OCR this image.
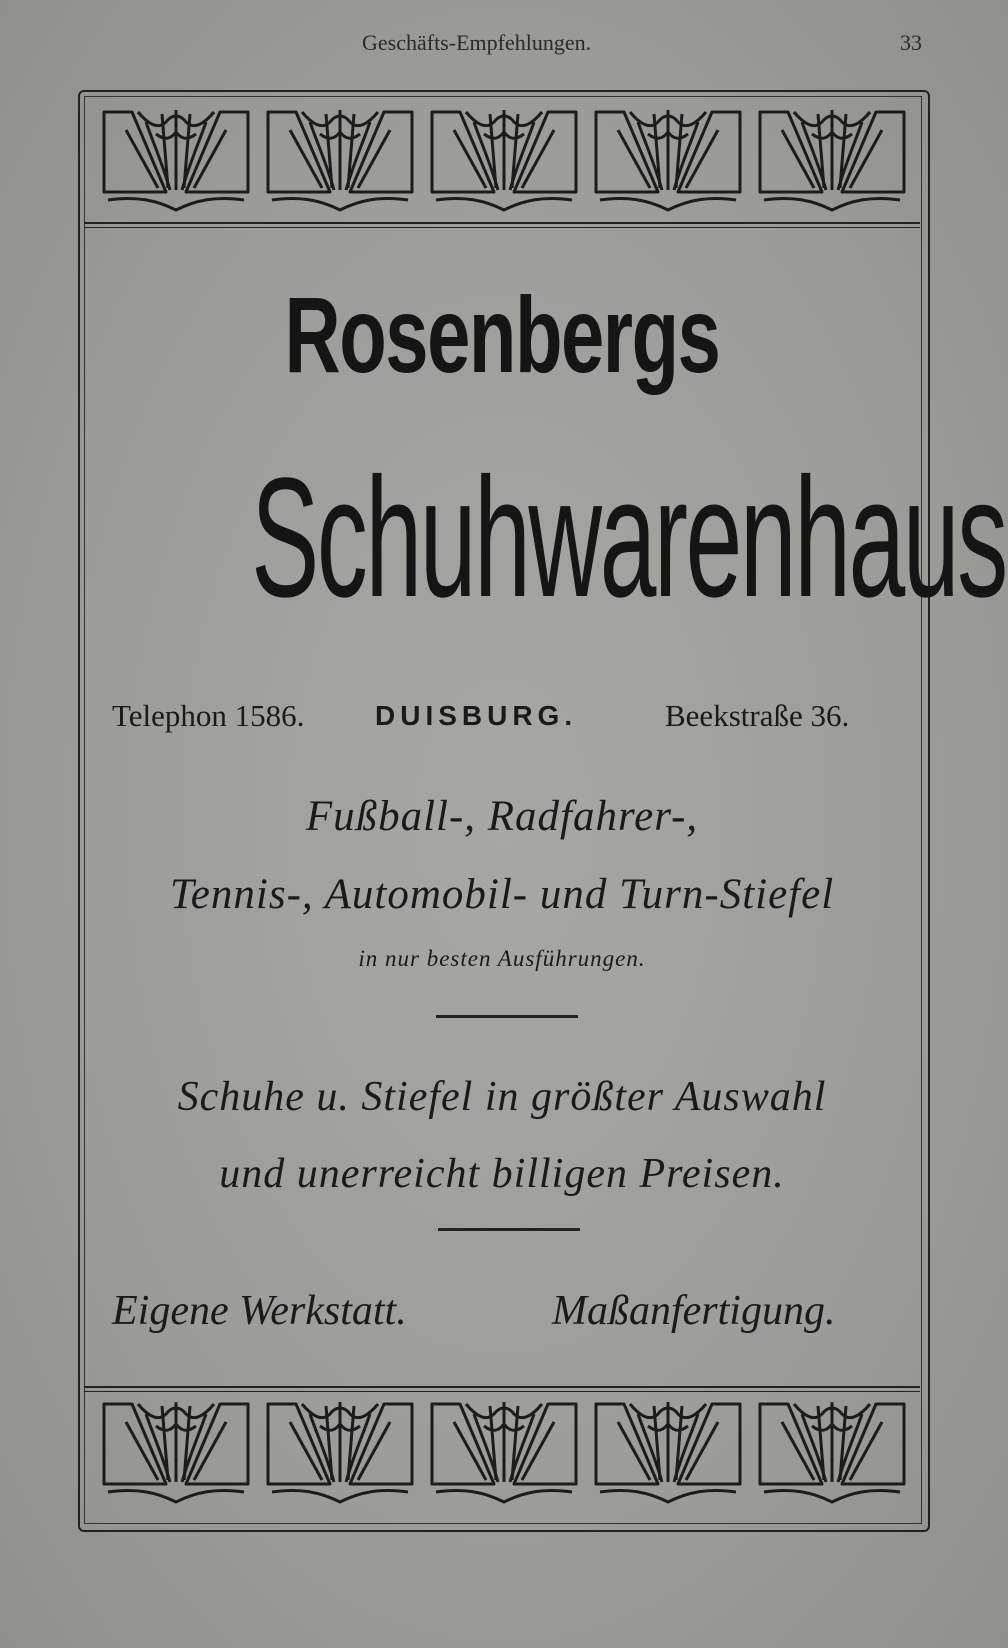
Geschäfts-Empfehlungen.	33
Rosenbergs
Schuhwarenhaus
Telephon 1586.	DUISBURG.	Beekstraße 36.
Fußball-, Radfahrer-,
Tennis-, Automobil- und Turn-Stiefel
in nur besten Ausführungen.
Schuhe u. Stiefel in größter Auswahl
und unerreicht billigen Preisen.
Eigene Werkstatt.	Maßanfertigung.
